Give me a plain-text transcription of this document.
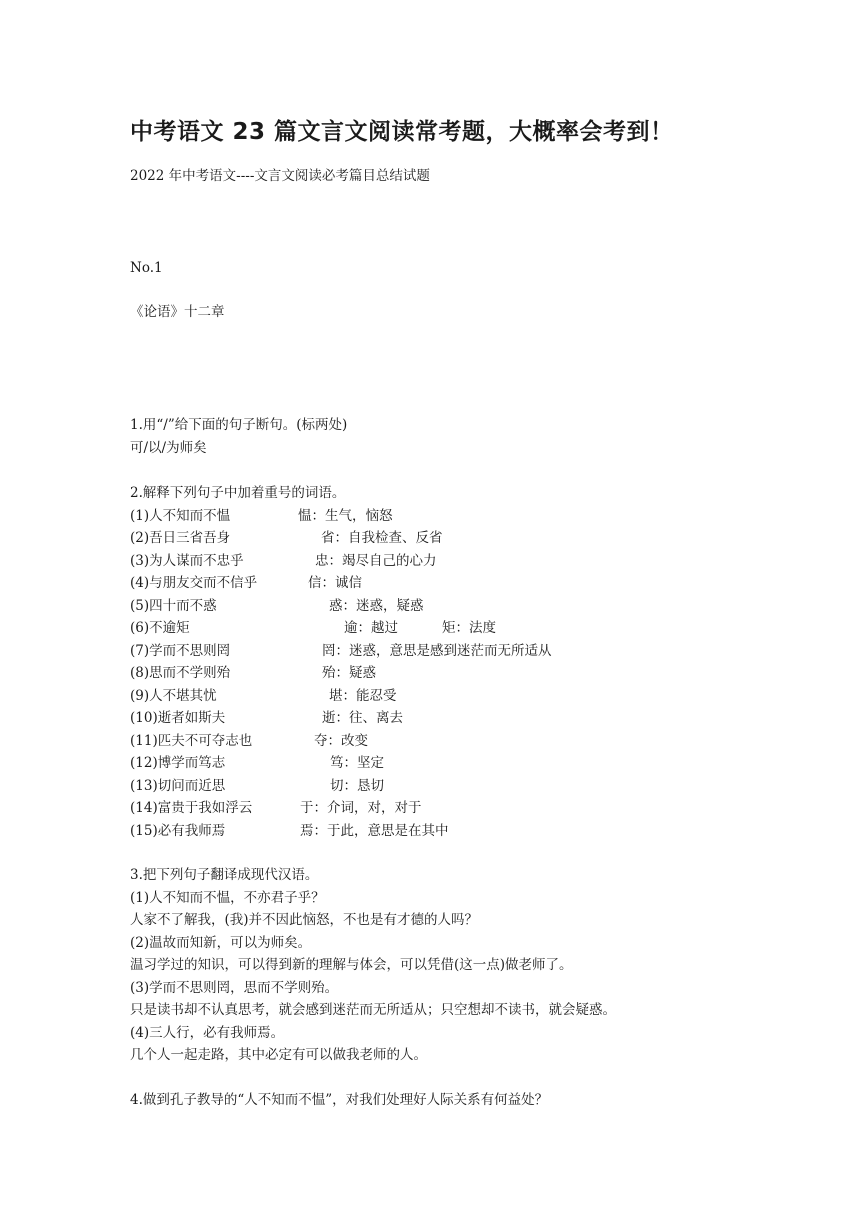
中考语文 23 篇文言文阅读常考题，大概率会考到！
2022 年中考语文----文言文阅读必考篇目总结试题
No.1
《论语》十二章
1.用“/”给下面的句子断句。(标两处)
可/以/为师矣
2.解释下列句子中加着重号的词语。
(1)人不知而不愠	愠：生气，恼怒
(2)吾日三省吾身	省：自我检查、反省
(3)为人谋而不忠乎	忠：竭尽自己的心力
(4)与朋友交而不信乎	信：诚信
(5)四十而不惑	惑：迷惑，疑惑
(6)不逾矩	逾：越过	矩：法度
(7)学而不思则罔	罔：迷惑，意思是感到迷茫而无所适从
(8)思而不学则殆	殆：疑惑
(9)人不堪其忧	堪：能忍受
(10)逝者如斯夫	逝：往、离去
(11)匹夫不可夺志也	夺：改变
(12)博学而笃志	笃：坚定
(13)切问而近思	切：恳切
(14)富贵于我如浮云	于：介词，对，对于
(15)必有我师焉	焉：于此，意思是在其中
3.把下列句子翻译成现代汉语。
(1)人不知而不愠，不亦君子乎？
人家不了解我，(我)并不因此恼怒，不也是有才德的人吗？
(2)温故而知新，可以为师矣。
温习学过的知识，可以得到新的理解与体会，可以凭借(这一点)做老师了。
(3)学而不思则罔，思而不学则殆。
只是读书却不认真思考，就会感到迷茫而无所适从；只空想却不读书，就会疑惑。
(4)三人行，必有我师焉。
几个人一起走路，其中必定有可以做我老师的人。
4.做到孔子教导的“人不知而不愠”，对我们处理好人际关系有何益处？
